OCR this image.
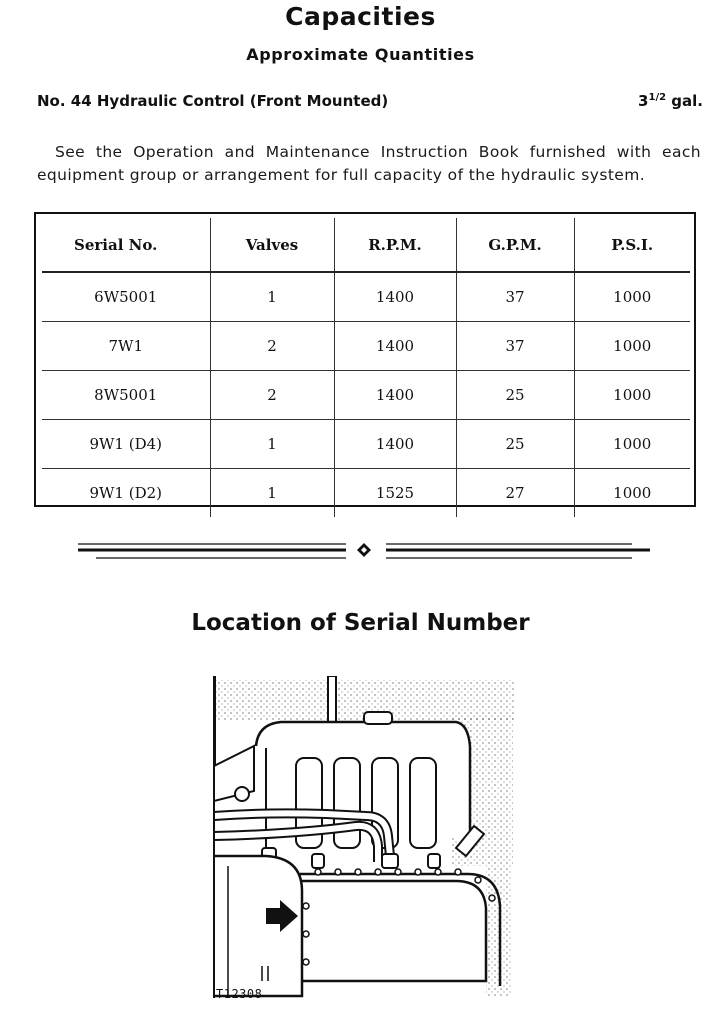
Capacities
Approximate Quantities
No. 44 Hydraulic Control (Front Mounted)	$3^{1/2}$ gal.

See the Operation and Maintenance Instruction Book furnished with each equipment group or arrangement for full capacity of the hydraulic system.

Serial No.	Valves	R.P.M.	G.P.M.	P.S.I.
6W5001	1	1400	37	1000
7W1	2	1400	37	1000
8W5001	2	1400	25	1000
9W1 (D4)	1	1400	25	1000
9W1 (D2)	1	1525	27	1000
Location of Serial Number
T12308
